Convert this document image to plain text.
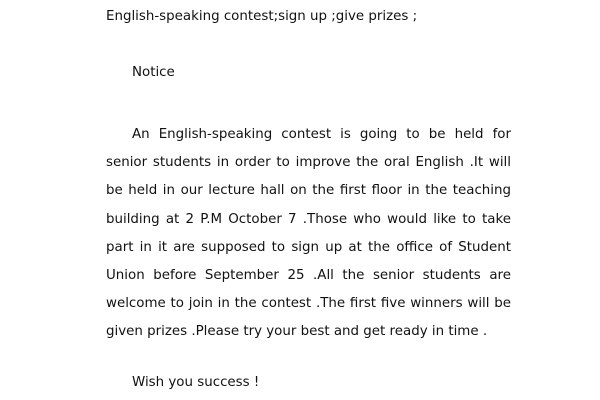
English-speaking contest;sign up ;give prizes ;
Notice
An English-speaking contest is going to be held for senior students in order to improve the oral English .It will be held in our lecture hall on the first floor in the teaching building at 2 P.M October 7 .Those who would like to take part in it are supposed to sign up at the office of Student Union before September 25 .All the senior students are welcome to join in the contest .The first five winners will be given prizes .Please try your best and get ready in time .
Wish you success !
